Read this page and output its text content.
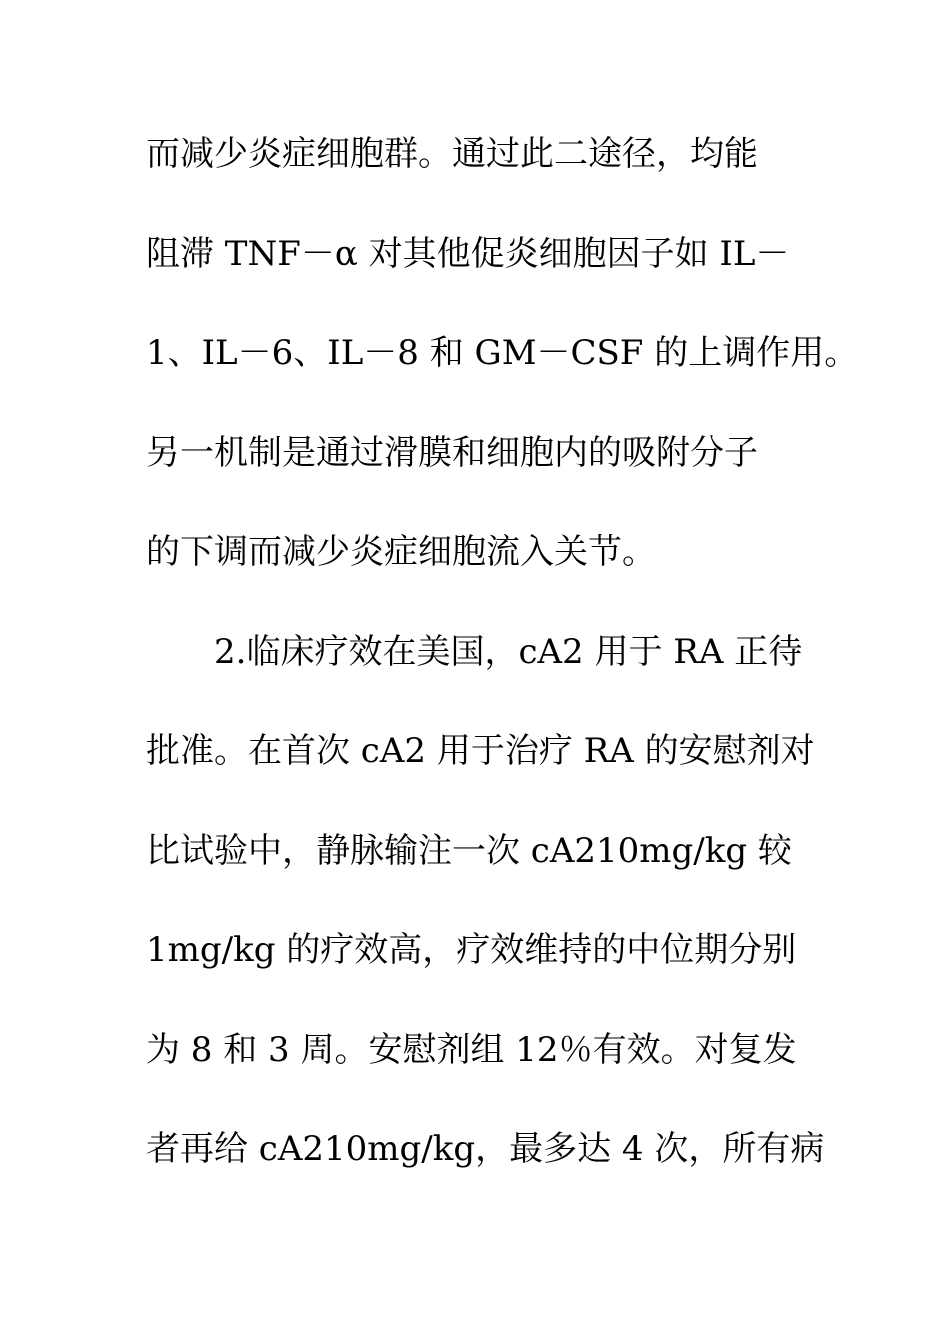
而减少炎症细胞群。通过此二途径，均能
阻滞 TNF－α 对其他促炎细胞因子如 IL－
1、IL－6、IL－8 和 GM－CSF 的上调作用。
另一机制是通过滑膜和细胞内的吸附分子
的下调而减少炎症细胞流入关节。
2.临床疗效在美国，cA2 用于 RA 正待
批准。在首次 cA2 用于治疗 RA 的安慰剂对
比试验中，静脉输注一次 cA210mg/kg 较
1mg/kg 的疗效高，疗效维持的中位期分别
为 8 和 3 周。安慰剂组 12％有效。对复发
者再给 cA210mg/kg，最多达 4 次，所有病
